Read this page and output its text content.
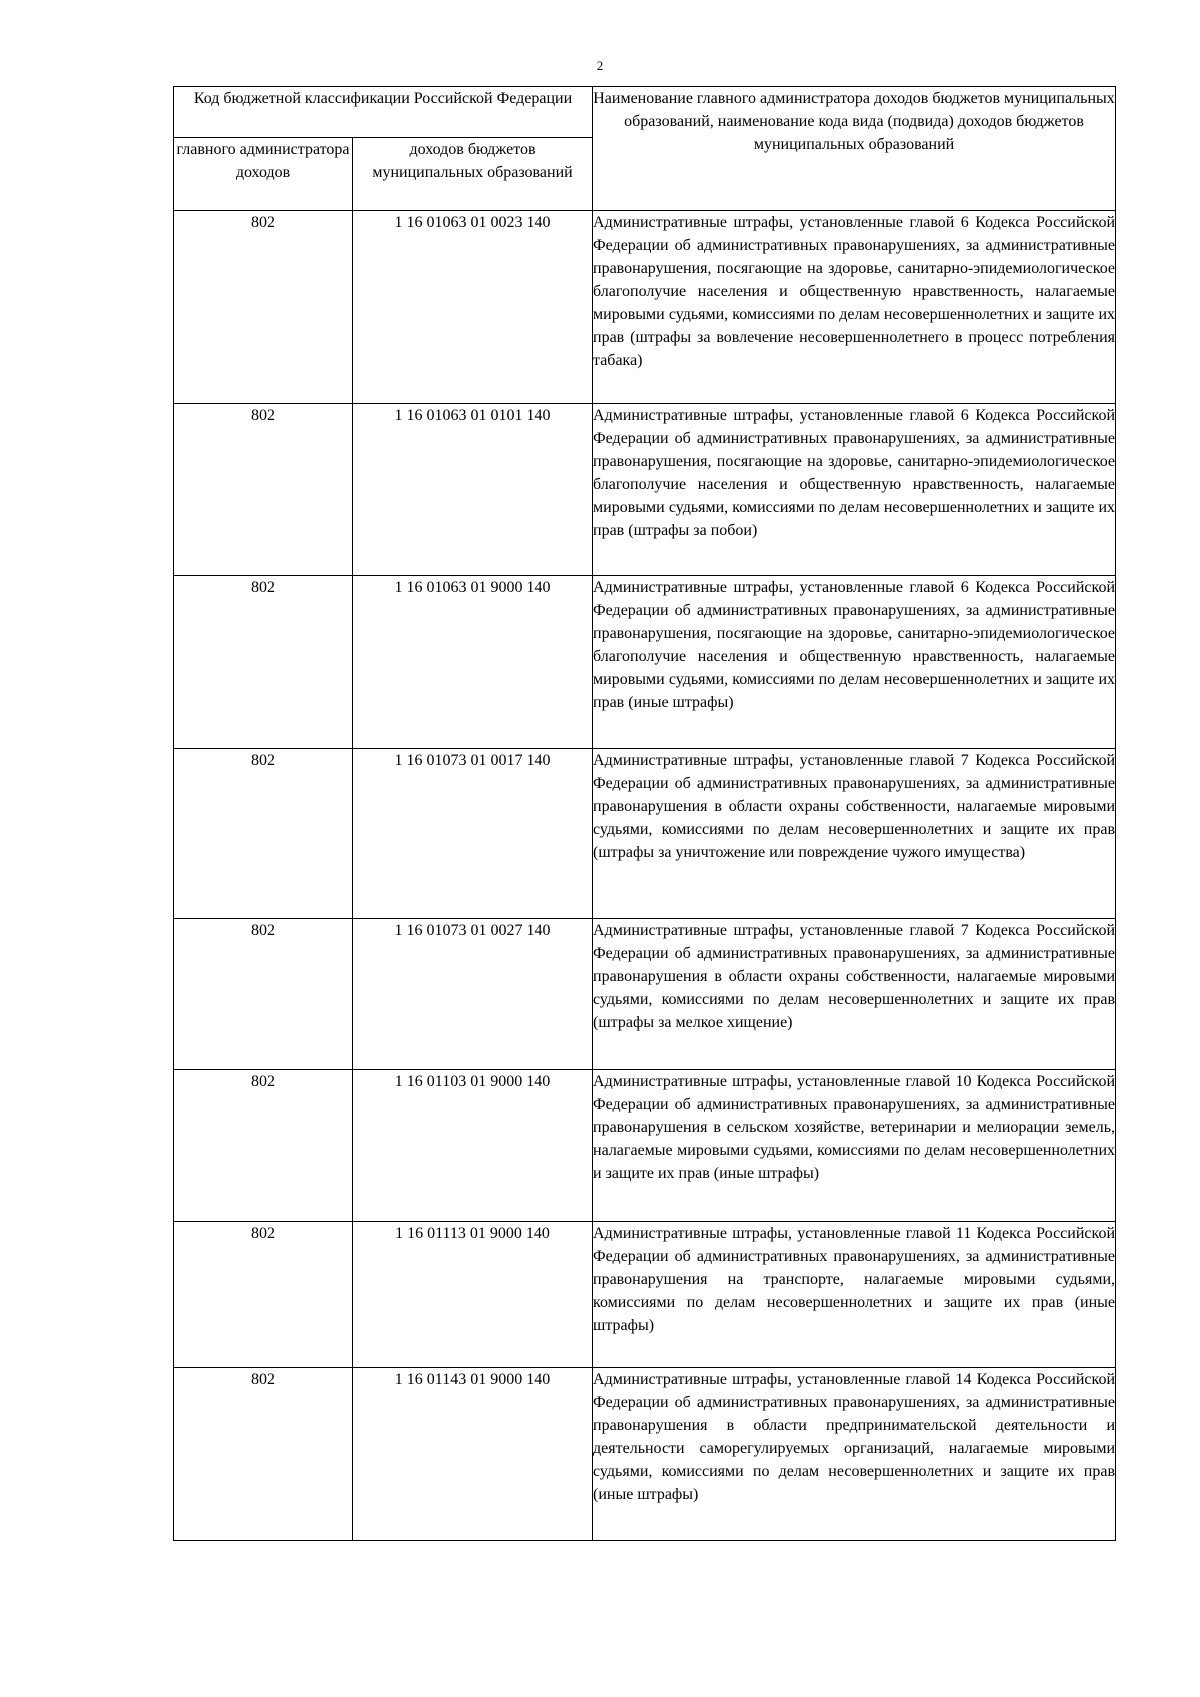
2
Код бюджетной классификации Российской Федерации		Наименование главного администратора доходов бюджетов муниципальных образований, наименование кода вида (подвида) доходов бюджетов муниципальных образований
главного администратора доходов	доходов бюджетов муниципальных образований	
802	1 16 01063 01 0023 140	Административные штрафы, установленные главой 6 Кодекса Российской Федерации об административных правонарушениях, за административные правонарушения, посягающие на здоровье, санитарно-эпидемиологическое благополучие населения и общественную нравственность, налагаемые мировыми судьями, комиссиями по делам несовершеннолетних и защите их прав (штрафы за вовлечение несовершеннолетнего в процесс потребления табака)
802	1 16 01063 01 0101 140	Административные штрафы, установленные главой 6 Кодекса Российской Федерации об административных правонарушениях, за административные правонарушения, посягающие на здоровье, санитарно-эпидемиологическое благополучие населения и общественную нравственность, налагаемые мировыми судьями, комиссиями по делам несовершеннолетних и защите их прав (штрафы за побои)
802	1 16 01063 01 9000 140	Административные штрафы, установленные главой 6 Кодекса Российской Федерации об административных правонарушениях, за административные правонарушения, посягающие на здоровье, санитарно-эпидемиологическое благополучие населения и общественную нравственность, налагаемые мировыми судьями, комиссиями по делам несовершеннолетних и защите их прав (иные штрафы)
802	1 16 01073 01 0017 140	Административные штрафы, установленные главой 7 Кодекса Российской Федерации об административных правонарушениях, за административные правонарушения в области охраны собственности, налагаемые мировыми судьями, комиссиями по делам несовершеннолетних и защите их прав (штрафы за уничтожение или повреждение чужого имущества)
802	1 16 01073 01 0027 140	Административные штрафы, установленные главой 7 Кодекса Российской Федерации об административных правонарушениях, за административные правонарушения в области охраны собственности, налагаемые мировыми судьями, комиссиями по делам несовершеннолетних и защите их прав (штрафы за мелкое хищение)
802	1 16 01103 01 9000 140	Административные штрафы, установленные главой 10 Кодекса Российской Федерации об административных правонарушениях, за административные правонарушения в сельском хозяйстве, ветеринарии и мелиорации земель, налагаемые мировыми судьями, комиссиями по делам несовершеннолетних и защите их прав (иные штрафы)
802	1 16 01113 01 9000 140	Административные штрафы, установленные главой 11 Кодекса Российской Федерации об административных правонарушениях, за административные правонарушения на транспорте, налагаемые мировыми судьями, комиссиями по делам несовершеннолетних и защите их прав (иные штрафы)
802	1 16 01143 01 9000 140	Административные штрафы, установленные главой 14 Кодекса Российской Федерации об административных правонарушениях, за административные правонарушения в области предпринимательской деятельности и деятельности саморегулируемых организаций, налагаемые мировыми судьями, комиссиями по делам несовершеннолетних и защите их прав (иные штрафы)
